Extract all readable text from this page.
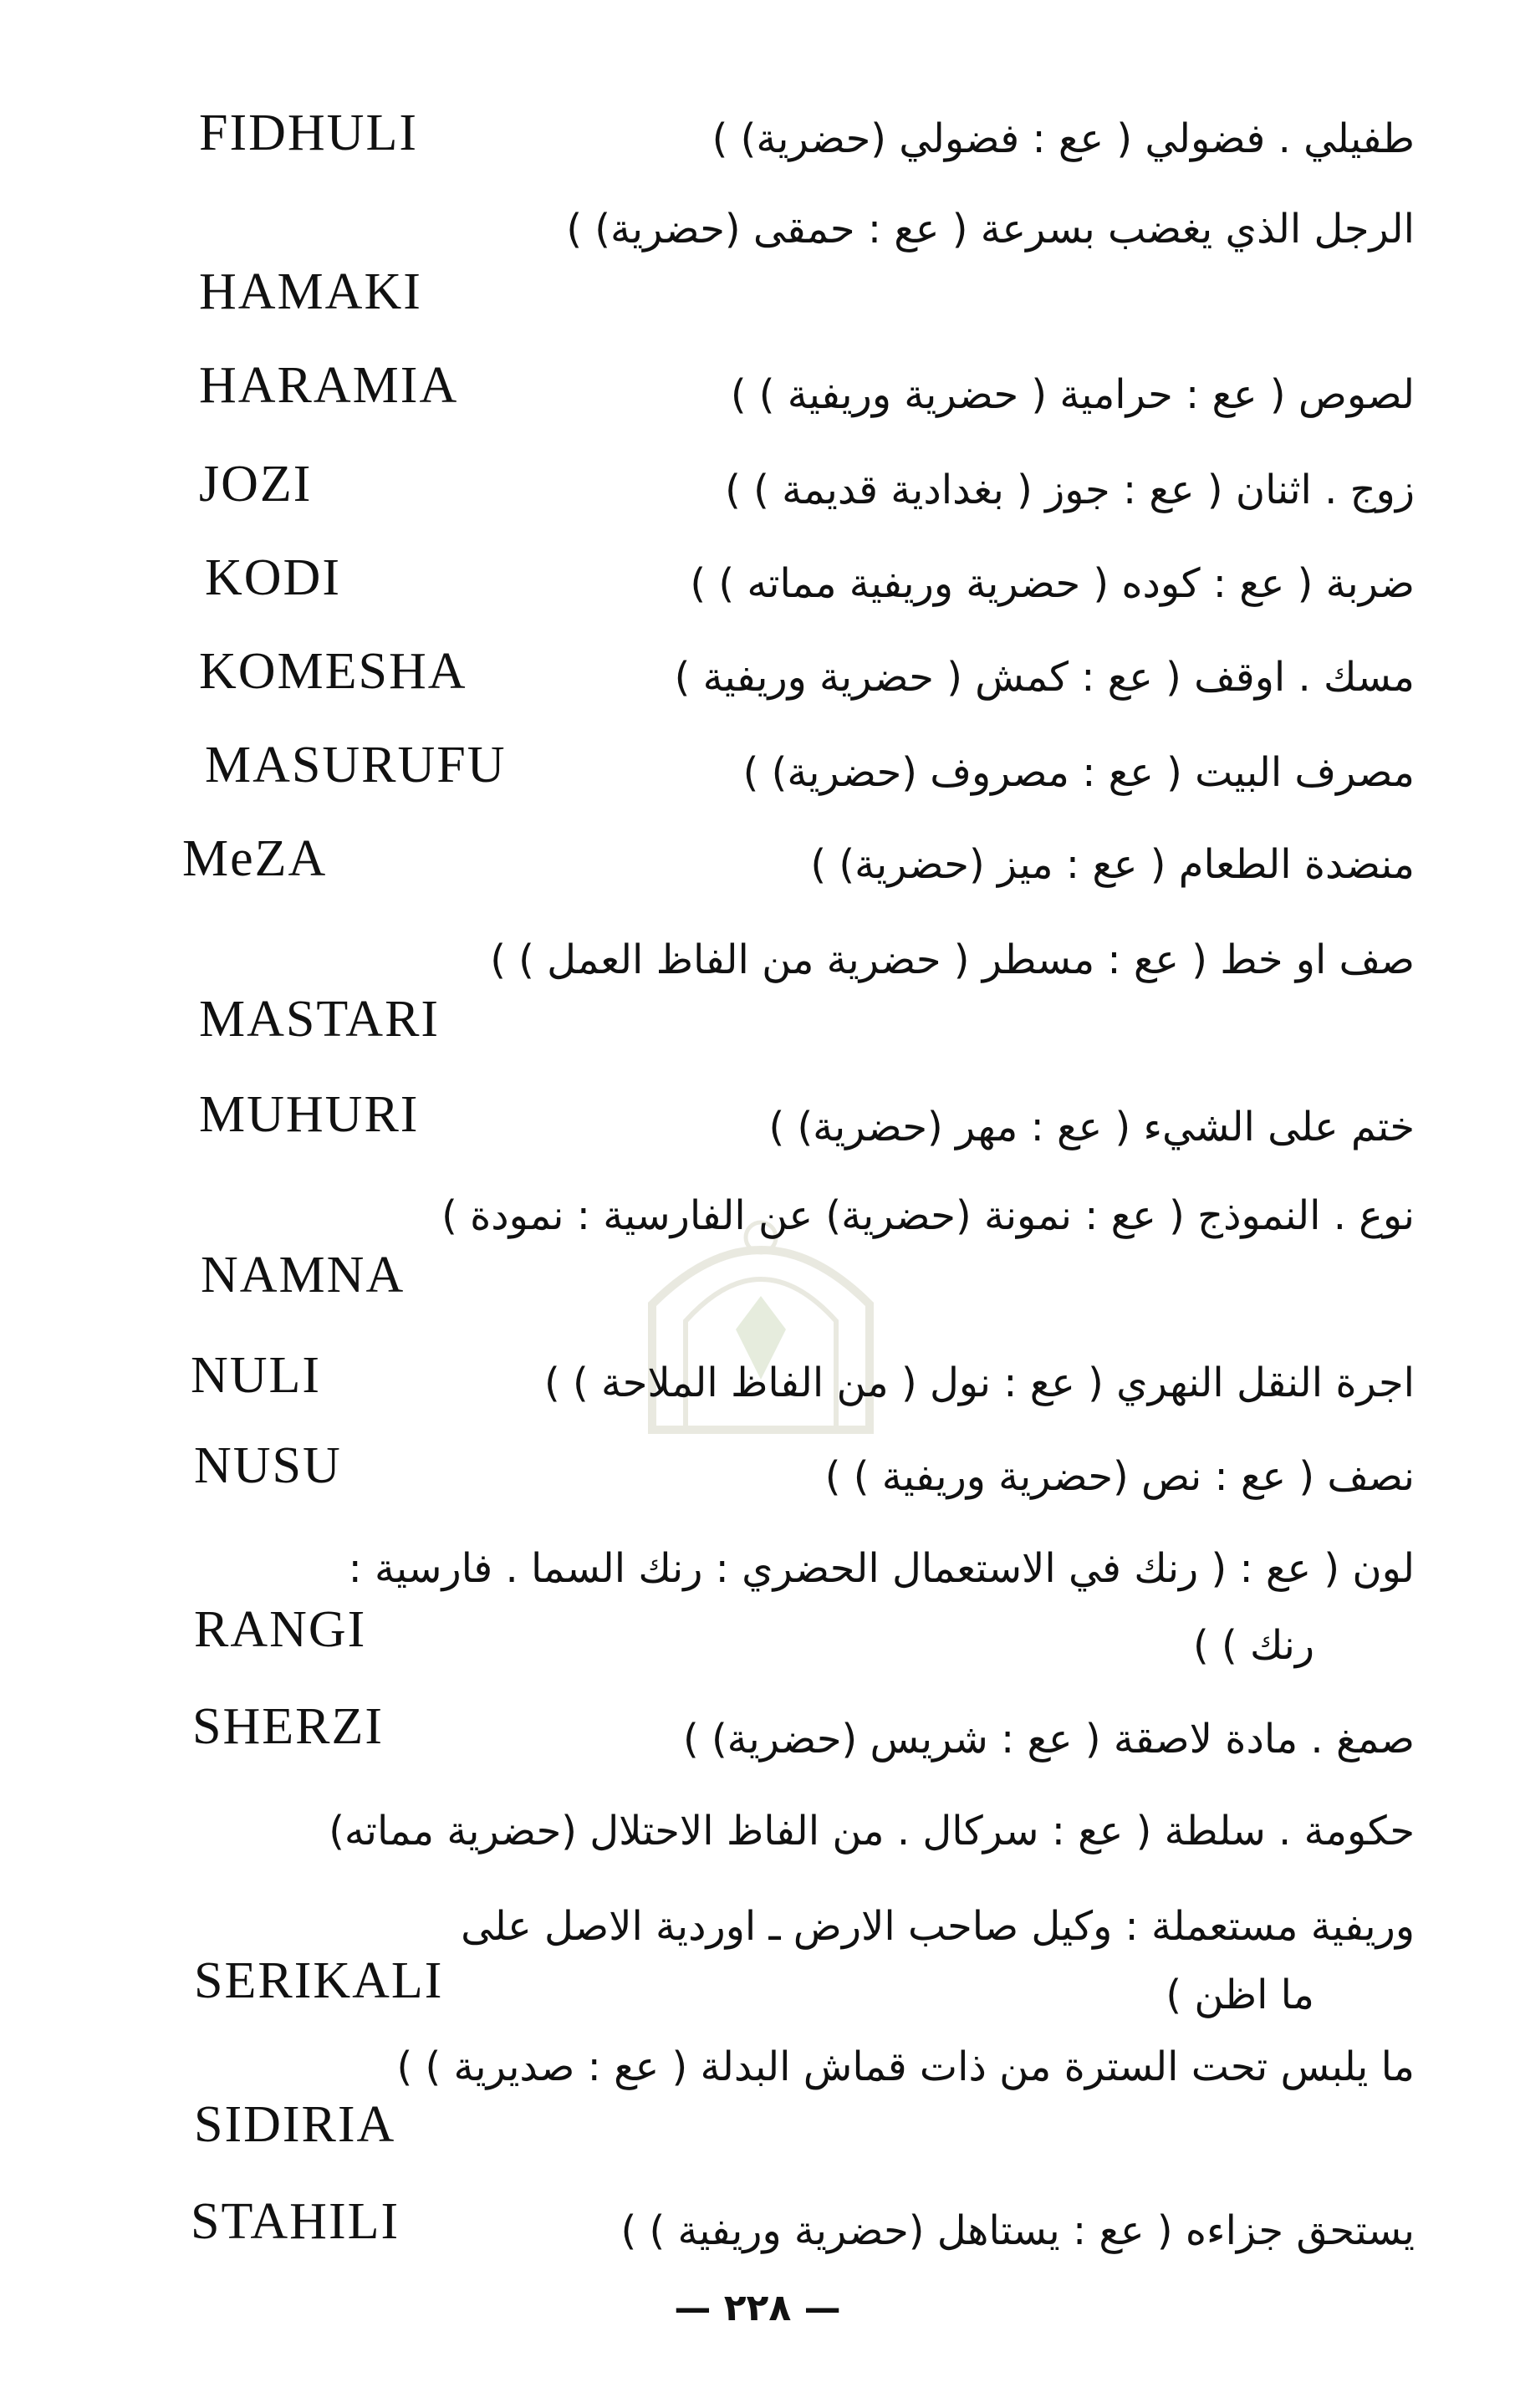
طفيلي . فضولي ( عع : فضولي (حضرية) )
FIDHULI
الرجل الذي يغضب بسرعة ( عع : حمقى (حضرية) )
HAMAKI
لصوص ( عع : حرامية ( حضرية وريفية ) )
HARAMIA
زوج . اثنان ( عع : جوز ( بغدادية قديمة ) )
JOZI
ضربة ( عع : كوده ( حضرية وريفية مماته ) )
KODI
مسك . اوقف ( عع : كمش ( حضرية وريفية )
KOMESHA
مصرف البيت ( عع : مصروف (حضرية) )
MASURUFU
منضدة الطعام ( عع : ميز (حضرية) )
MeZA
صف او خط ( عع : مسطر ( حضرية من الفاظ العمل ) )
MASTARI
ختم على الشيء ( عع : مهر (حضرية) )
MUHURI
نوع . النموذج ( عع : نمونة (حضرية) عن الفارسية : نمودة )
NAMNA
اجرة النقل النهري ( عع : نول ( من الفاظ الملاحة ) )
NULI
نصف ( عع : نص (حضرية وريفية ) )
NUSU
لون ( عع : ( رنك في الاستعمال الحضري : رنك السما . فارسية :
رنك ) )
RANGI
صمغ . مادة لاصقة ( عع : شريس (حضرية) )
SHERZI
حكومة . سلطة ( عع : سركال . من الفاظ الاحتلال (حضرية مماته)
وريفية مستعملة : وكيل صاحب الارض ـ اوردية الاصل على
ما اظن )
SERIKALI
ما يلبس تحت السترة من ذات قماش البدلة ( عع : صديرية ) )
SIDIRIA
يستحق جزاءه ( عع : يستاهل (حضرية وريفية ) )
STAHILI
— ٢٢٨ —
